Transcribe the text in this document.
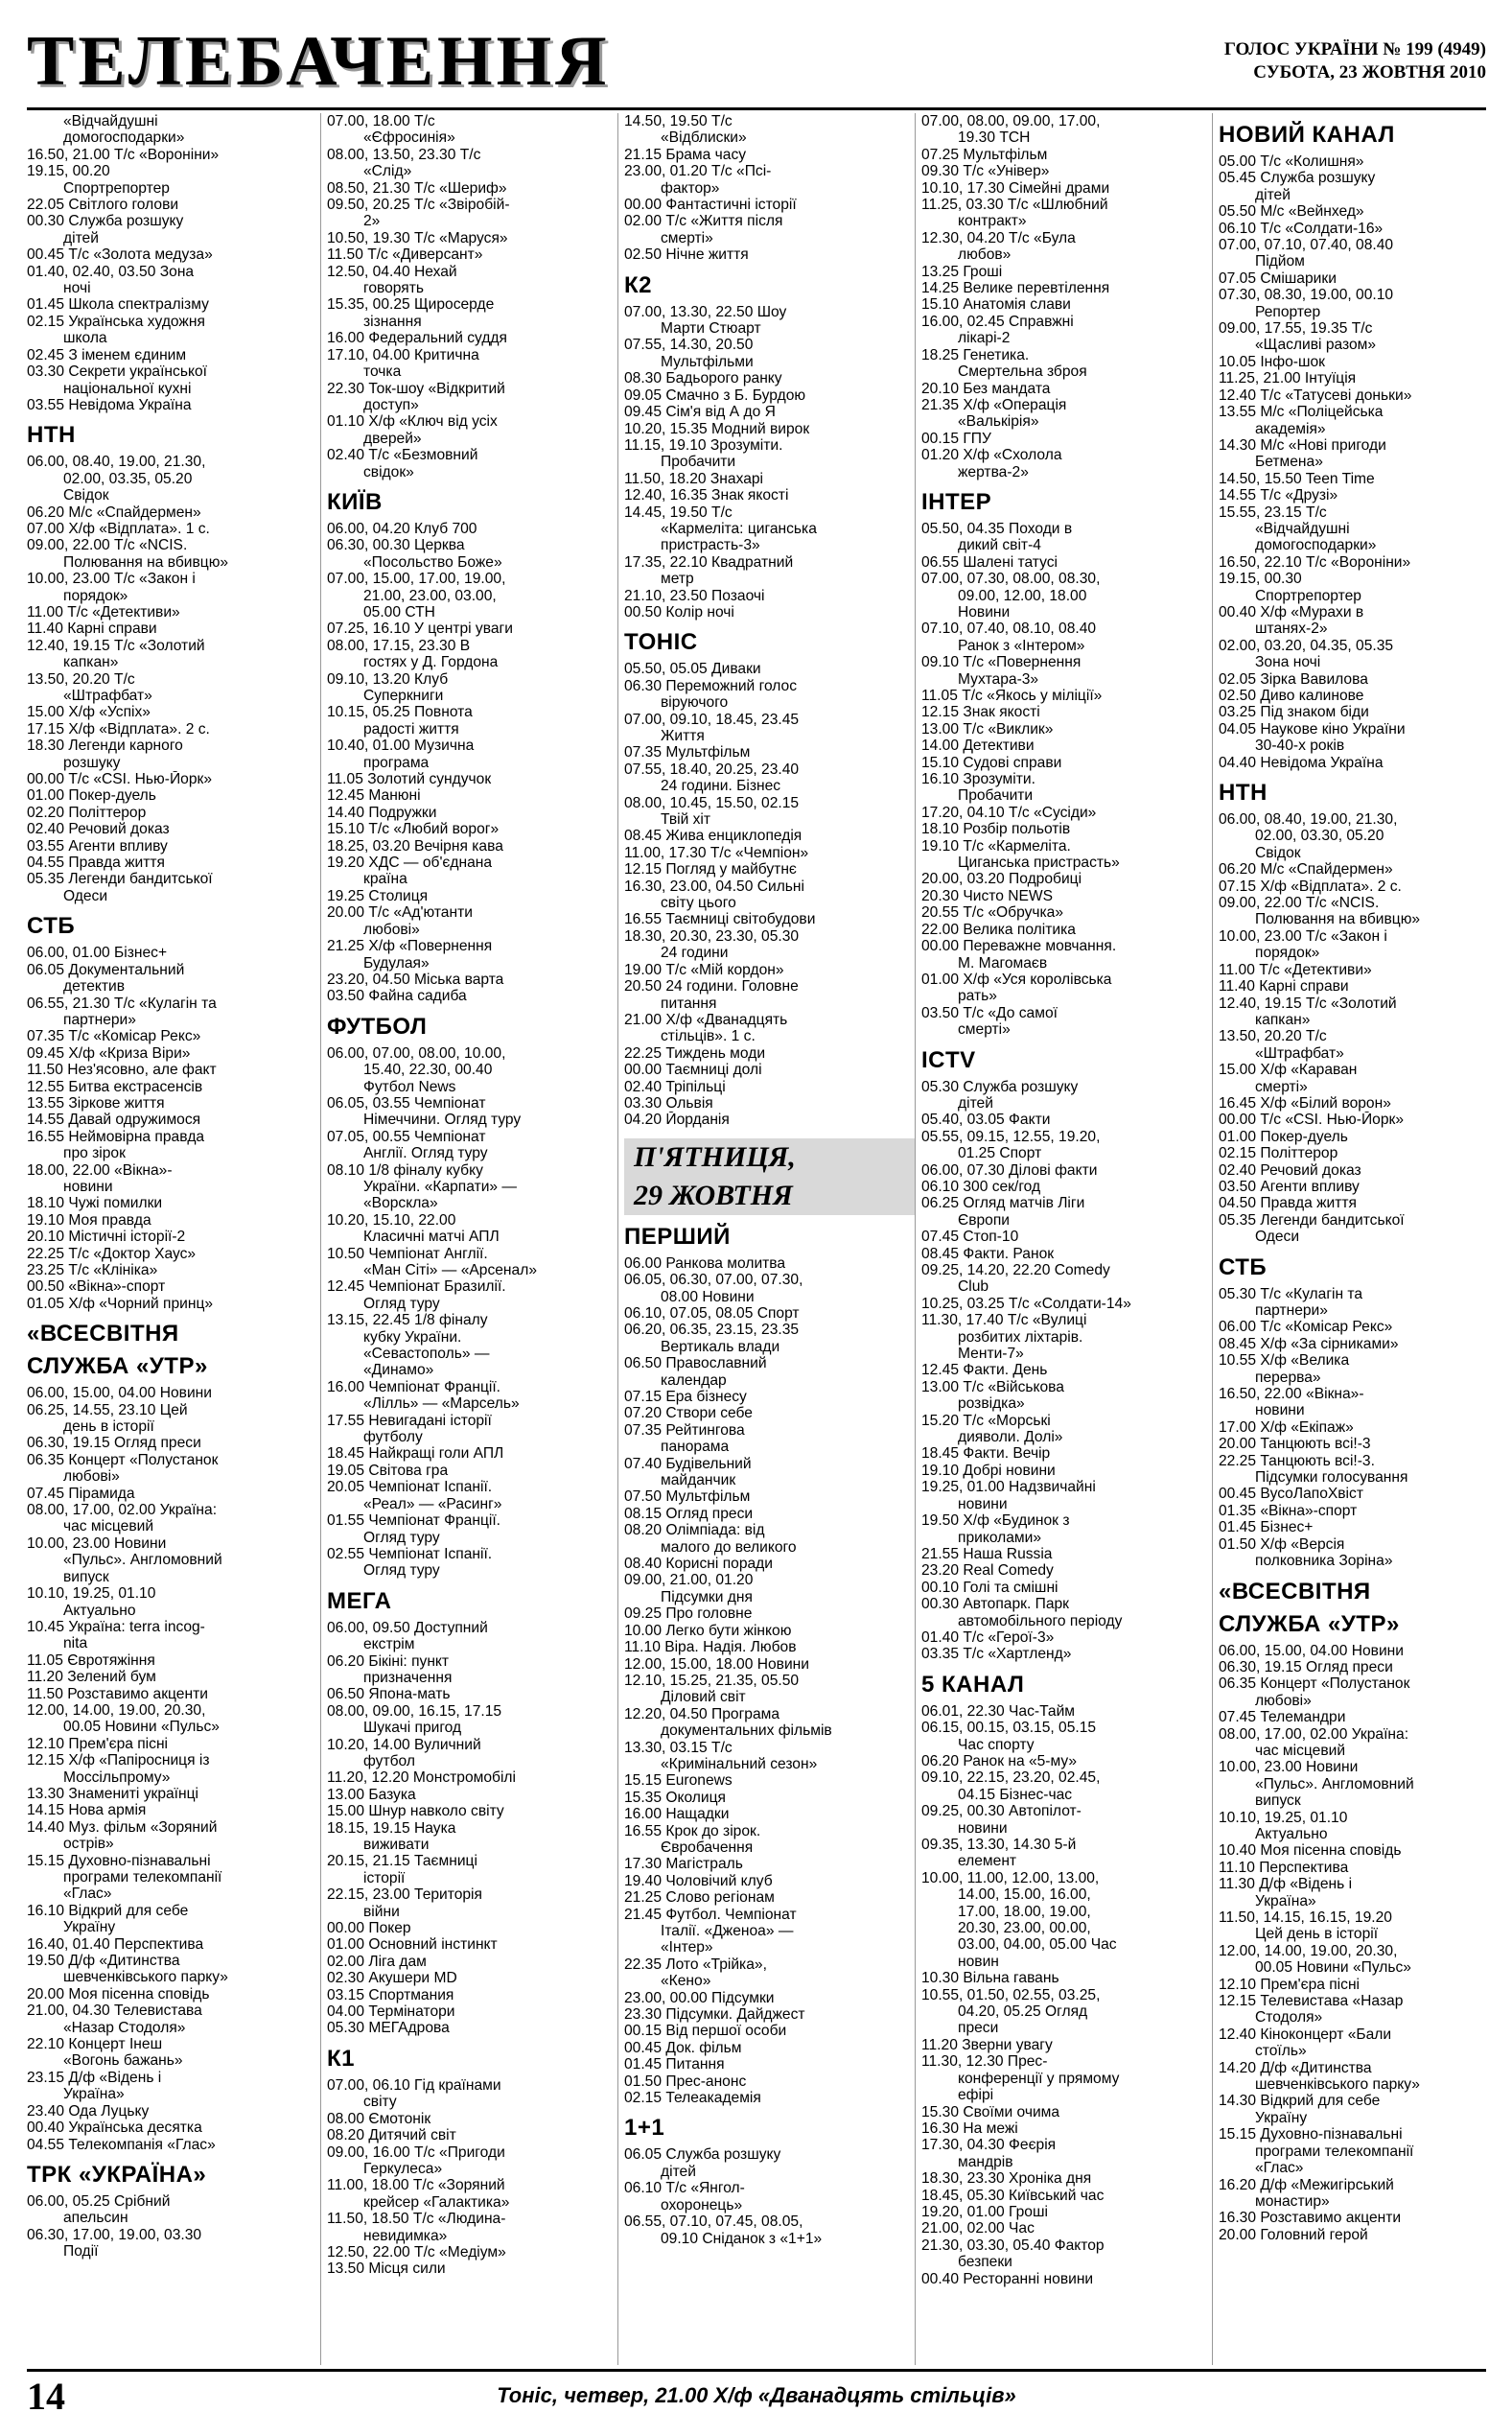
ТЕЛЕБАЧЕННЯ	ГОЛОС УКРАЇНИ № 199 (4949)
СУБОТА, 23 ЖОВТНЯ 2010
«Відчайдушні
домогосподарки»
16.50, 21.00 Т/с «Вороніни»
19.15, 00.20
Спортрепортер
22.05 Світлого голови
00.30 Служба розшуку
дітей
00.45 Т/с «Золота медуза»
01.40, 02.40, 03.50 Зона
ночі
01.45 Школа спектралізму
02.15 Українська художня
школа
02.45 З іменем єдиним
03.30 Секрети української
національної кухні
03.55 Невідома Україна
НТН
06.00, 08.40, 19.00, 21.30,
02.00, 03.35, 05.20
Свідок
06.20 М/с «Спайдермен»
07.00 Х/ф «Відплата». 1 с.
09.00, 22.00 Т/с «NCIS.
Полювання на вбивцю»
10.00, 23.00 Т/с «Закон і
порядок»
11.00 Т/с «Детективи»
11.40 Карні справи
12.40, 19.15 Т/с «Золотий
капкан»
13.50, 20.20 Т/с
«Штрафбат»
15.00 Х/ф «Успіх»
17.15 Х/ф «Відплата». 2 с.
18.30 Легенди карного
розшуку
00.00 Т/с «CSI. Нью-Йорк»
01.00 Покер-дуель
02.20 Політтерор
02.40 Речовий доказ
03.55 Агенти впливу
04.55 Правда життя
05.35 Легенди бандитської
Одеси
СТБ
06.00, 01.00 Бізнес+
06.05 Документальний
детектив
06.55, 21.30 Т/с «Кулагін та
партнери»
07.35 Т/с «Комісар Рекс»
09.45 Х/ф «Криза Віри»
11.50 Нез'ясовно, але факт
12.55 Битва екстрасенсів
13.55 Зіркове життя
14.55 Давай одружимося
16.55 Неймовірна правда
про зірок
18.00, 22.00 «Вікна»-
новини
18.10 Чужі помилки
19.10 Моя правда
20.10 Містичні історії-2
22.25 Т/с «Доктор Хаус»
23.25 Т/с «Клініка»
00.50 «Вікна»-спорт
01.05 Х/ф «Чорний принц»
«ВСЕСВІТНЯ
СЛУЖБА «УТР»
06.00, 15.00, 04.00 Новини
06.25, 14.55, 23.10 Цей
день в історії
06.30, 19.15 Огляд преси
06.35 Концерт «Полустанок
любові»
07.45 Пірамида
08.00, 17.00, 02.00 Україна:
час місцевий
10.00, 23.00 Новини
«Пульс». Англомовний
випуск
10.10, 19.25, 01.10
Актуально
10.45 Україна: terra incog-
nita
11.05 Євротяжіння
11.20 Зелений бум
11.50 Розставимо акценти
12.00, 14.00, 19.00, 20.30,
00.05 Новини «Пульс»
12.10 Прем'єра пісні
12.15 Х/ф «Папіросниця із
Моссільпрому»
13.30 Знамениті українці
14.15 Нова армія
14.40 Муз. фільм «Зоряний
острів»
15.15 Духовно-пізнавальні
програми телекомпанії
«Глас»
16.10 Відкрий для себе
Україну
16.40, 01.40 Перспектива
19.50 Д/ф «Дитинства
шевченківського парку»
20.00 Моя пісенна сповідь
21.00, 04.30 Телевистава
«Назар Стодоля»
22.10 Концерт Інеш
«Вогонь бажань»
23.15 Д/ф «Відень і
Україна»
23.40 Ода Луцьку
00.40 Українська десятка
04.55 Телекомпанія «Глас»
ТРК «УКРАЇНА»
06.00, 05.25 Срібний
апельсин
06.30, 17.00, 19.00, 03.30
Події
07.00, 18.00 Т/с
«Єфросинія»
08.00, 13.50, 23.30 Т/с
«Слід»
08.50, 21.30 Т/с «Шериф»
09.50, 20.25 Т/с «Звіробій-
2»
10.50, 19.30 Т/с «Маруся»
11.50 Т/с «Диверсант»
12.50, 04.40 Нехай
говорять
15.35, 00.25 Щиросерде
зізнання
16.00 Федеральний суддя
17.10, 04.00 Критична
точка
22.30 Ток-шоу «Відкритий
доступ»
01.10 Х/ф «Ключ від усіх
дверей»
02.40 Т/с «Безмовний
свідок»
КИЇВ
06.00, 04.20 Клуб 700
06.30, 00.30 Церква
«Посольство Боже»
07.00, 15.00, 17.00, 19.00,
21.00, 23.00, 03.00,
05.00 СТН
07.25, 16.10 У центрі уваги
08.00, 17.15, 23.30 В
гостях у Д. Гордона
09.10, 13.20 Клуб
Суперкниги
10.15, 05.25 Повнота
радості життя
10.40, 01.00 Музична
програма
11.05 Золотий сундучок
12.45 Манюні
14.40 Подружки
15.10 Т/с «Любий ворог»
18.25, 03.20 Вечірня кава
19.20 ХДС — об'єднана
країна
19.25 Столиця
20.00 Т/с «Ад'ютанти
любові»
21.25 Х/ф «Повернення
Будулая»
23.20, 04.50 Міська варта
03.50 Файна садиба
ФУТБОЛ
06.00, 07.00, 08.00, 10.00,
15.40, 22.30, 00.40
Футбол News
06.05, 03.55 Чемпіонат
Німеччини. Огляд туру
07.05, 00.55 Чемпіонат
Англії. Огляд туру
08.10 1/8 фіналу кубку
України. «Карпати» —
«Ворскла»
10.20, 15.10, 22.00
Класичні матчі АПЛ
10.50 Чемпіонат Англії.
«Ман Сіті» — «Арсенал»
12.45 Чемпіонат Бразилії.
Огляд туру
13.15, 22.45 1/8 фіналу
кубку України.
«Севастополь» —
«Динамо»
16.00 Чемпіонат Франції.
«Лілль» — «Марсель»
17.55 Невигадані історії
футболу
18.45 Найкращі голи АПЛ
19.05 Світова гра
20.05 Чемпіонат Іспанії.
«Реал» — «Расинг»
01.55 Чемпіонат Франції.
Огляд туру
02.55 Чемпіонат Іспанії.
Огляд туру
МЕГА
06.00, 09.50 Доступний
екстрім
06.20 Бікіні: пункт
призначення
06.50 Япона-мать
08.00, 09.00, 16.15, 17.15
Шукачі пригод
10.20, 14.00 Вуличний
футбол
11.20, 12.20 Монстромобілі
13.00 Базука
15.00 Шнур навколо світу
18.15, 19.15 Наука
виживати
20.15, 21.15 Таємниці
історії
22.15, 23.00 Територія
війни
00.00 Покер
01.00 Основний інстинкт
02.00 Ліга дам
02.30 Акушери MD
03.15 Спортмания
04.00 Термінатори
05.30 МЕГАдрова
К1
07.00, 06.10 Гід країнами
світу
08.00 Ємотонік
08.20 Дитячий світ
09.00, 16.00 Т/с «Пригоди
Геркулеса»
11.00, 18.00 Т/с «Зоряний
крейсер «Галактика»
11.50, 18.50 Т/с «Людина-
невидимка»
12.50, 22.00 Т/с «Медіум»
13.50 Місця сили
14.50, 19.50 Т/с
«Відблиски»
21.15 Брама часу
23.00, 01.20 Т/с «Псі-
фактор»
00.00 Фантастичні історії
02.00 Т/с «Життя після
смерті»
02.50 Нічне життя
К2
07.00, 13.30, 22.50 Шоу
Марти Стюарт
07.55, 14.30, 20.50
Мультфільми
08.30 Бадьорого ранку
09.05 Смачно з Б. Бурдою
09.45 Сім'я від А до Я
10.20, 15.35 Модний вирок
11.15, 19.10 Зрозуміти.
Пробачити
11.50, 18.20 Знахарі
12.40, 16.35 Знак якості
14.45, 19.50 Т/с
«Кармеліта: циганська
пристрасть-3»
17.35, 22.10 Квадратний
метр
21.10, 23.50 Позаочі
00.50 Колір ночі
ТОНІС
05.50, 05.05 Диваки
06.30 Переможний голос
віруючого
07.00, 09.10, 18.45, 23.45
Життя
07.35 Мультфільм
07.55, 18.40, 20.25, 23.40
24 години. Бізнес
08.00, 10.45, 15.50, 02.15
Твій хіт
08.45 Жива енциклопедія
11.00, 17.30 Т/с «Чемпіон»
12.15 Погляд у майбутнє
16.30, 23.00, 04.50 Сильні
світу цього
16.55 Таємниці світобудови
18.30, 20.30, 23.30, 05.30
24 години
19.00 Т/с «Мій кордон»
20.50 24 години. Головне
питання
21.00 Х/ф «Дванадцять
стільців». 1 с.
22.25 Тиждень моди
00.00 Таємниці долі
02.40 Тріпільці
03.30 Ольвія
04.20 Йорданія
П'ЯТНИЦЯ,
29 ЖОВТНЯ
ПЕРШИЙ
06.00 Ранкова молитва
06.05, 06.30, 07.00, 07.30,
08.00 Новини
06.10, 07.05, 08.05 Спорт
06.20, 06.35, 23.15, 23.35
Вертикаль влади
06.50 Православний
календар
07.15 Ера бізнесу
07.20 Створи себе
07.35 Рейтингова
панорама
07.40 Будівельний
майданчик
07.50 Мультфільм
08.15 Огляд преси
08.20 Олімпіада: від
малого до великого
08.40 Корисні поради
09.00, 21.00, 01.20
Підсумки дня
09.25 Про головне
10.00 Легко бути жінкою
11.10 Віра. Надія. Любов
12.00, 15.00, 18.00 Новини
12.10, 15.25, 21.35, 05.50
Діловий світ
12.20, 04.50 Програма
документальних фільмів
13.30, 03.15 Т/с
«Кримінальний сезон»
15.15 Euronews
15.35 Околиця
16.00 Нащадки
16.55 Крок до зірок.
Євробачення
17.30 Магістраль
19.40 Чоловічий клуб
21.25 Слово регіонам
21.45 Футбол. Чемпіонат
Італії. «Дженоа» —
«Інтер»
22.35 Лото «Трійка»,
«Кено»
23.00, 00.00 Підсумки
23.30 Підсумки. Дайджест
00.15 Від першої особи
00.45 Док. фільм
01.45 Питання
01.50 Прес-анонс
02.15 Телеакадемія
1+1
06.05 Служба розшуку
дітей
06.10 Т/с «Янгол-
охоронець»
06.55, 07.10, 07.45, 08.05,
09.10 Сніданок з «1+1»
07.00, 08.00, 09.00, 17.00,
19.30 ТСН
07.25 Мультфільм
09.30 Т/с «Універ»
10.10, 17.30 Сімейні драми
11.25, 03.30 Т/с «Шлюбний
контракт»
12.30, 04.20 Т/с «Була
любов»
13.25 Гроші
14.25 Велике перевтілення
15.10 Анатомія слави
16.00, 02.45 Справжні
лікарі-2
18.25 Генетика.
Смертельна зброя
20.10 Без мандата
21.35 Х/ф «Операція
«Валькірія»
00.15 ГПУ
01.20 Х/ф «Схолола
жертва-2»
ІНТЕР
05.50, 04.35 Походи в
дикий світ-4
06.55 Шалені татусі
07.00, 07.30, 08.00, 08.30,
09.00, 12.00, 18.00
Новини
07.10, 07.40, 08.10, 08.40
Ранок з «Інтером»
09.10 Т/с «Повернення
Мухтара-3»
11.05 Т/с «Якось у міліції»
12.15 Знак якості
13.00 Т/с «Виклик»
14.00 Детективи
15.10 Судові справи
16.10 Зрозуміти.
Пробачити
17.20, 04.10 Т/с «Сусіди»
18.10 Розбір польотів
19.10 Т/с «Кармеліта.
Циганська пристрасть»
20.00, 03.20 Подробиці
20.30 Чисто NEWS
20.55 Т/с «Обручка»
22.00 Велика політика
00.00 Переважне мовчання.
М. Магомаєв
01.00 Х/ф «Уся королівська
рать»
03.50 Т/с «До самої
смерті»
ICTV
05.30 Служба розшуку
дітей
05.40, 03.05 Факти
05.55, 09.15, 12.55, 19.20,
01.25 Спорт
06.00, 07.30 Ділові факти
06.10 300 сек/год
06.25 Огляд матчів Ліги
Європи
07.45 Стоп-10
08.45 Факти. Ранок
09.25, 14.20, 22.20 Comedy
Club
10.25, 03.25 Т/с «Солдати-14»
11.30, 17.40 Т/с «Вулиці
розбитих ліхтарів.
Менти-7»
12.45 Факти. День
13.00 Т/с «Військова
розвідка»
15.20 Т/с «Морські
дияволи. Долі»
18.45 Факти. Вечір
19.10 Добрі новини
19.25, 01.00 Надзвичайні
новини
19.50 Х/ф «Будинок з
приколами»
21.55 Наша Russia
23.20 Real Comedy
00.10 Голі та смішні
00.30 Автопарк. Парк
автомобільного періоду
01.40 Т/с «Герої-3»
03.35 Т/с «Хартленд»
5 КАНАЛ
06.01, 22.30 Час-Тайм
06.15, 00.15, 03.15, 05.15
Час спорту
06.20 Ранок на «5-му»
09.10, 22.15, 23.20, 02.45,
04.15 Бізнес-час
09.25, 00.30 Автопілот-
новини
09.35, 13.30, 14.30 5-й
елемент
10.00, 11.00, 12.00, 13.00,
14.00, 15.00, 16.00,
17.00, 18.00, 19.00,
20.30, 23.00, 00.00,
03.00, 04.00, 05.00 Час
новин
10.30 Вільна гавань
10.55, 01.50, 02.55, 03.25,
04.20, 05.25 Огляд
преси
11.20 Зверни увагу
11.30, 12.30 Прес-
конференції у прямому
ефірі
15.30 Своїми очима
16.30 На межі
17.30, 04.30 Феєрія
мандрів
18.30, 23.30 Хроніка дня
18.45, 05.30 Київський час
19.20, 01.00 Гроші
21.00, 02.00 Час
21.30, 03.30, 05.40 Фактор
безпеки
00.40 Ресторанні новини
НОВИЙ КАНАЛ
05.00 Т/с «Колишня»
05.45 Служба розшуку
дітей
05.50 М/с «Вейнхед»
06.10 Т/с «Солдати-16»
07.00, 07.10, 07.40, 08.40
Підйом
07.05 Смішарики
07.30, 08.30, 19.00, 00.10
Репортер
09.00, 17.55, 19.35 Т/с
«Щасливі разом»
10.05 Інфо-шок
11.25, 21.00 Інтуїція
12.40 Т/с «Татусеві доньки»
13.55 М/с «Поліцейська
академія»
14.30 М/с «Нові пригоди
Бетмена»
14.50, 15.50 Teen Time
14.55 Т/с «Друзі»
15.55, 23.15 Т/с
«Відчайдушні
домогосподарки»
16.50, 22.10 Т/с «Вороніни»
19.15, 00.30
Спортрепортер
00.40 Х/ф «Мурахи в
штанях-2»
02.00, 03.20, 04.35, 05.35
Зона ночі
02.05 Зірка Вавилова
02.50 Диво калинове
03.25 Під знаком біди
04.05 Наукове кіно України
30-40-х років
04.40 Невідома Україна
НТН
06.00, 08.40, 19.00, 21.30,
02.00, 03.30, 05.20
Свідок
06.20 М/с «Спайдермен»
07.15 Х/ф «Відплата». 2 с.
09.00, 22.00 Т/с «NCIS.
Полювання на вбивцю»
10.00, 23.00 Т/с «Закон і
порядок»
11.00 Т/с «Детективи»
11.40 Карні справи
12.40, 19.15 Т/с «Золотий
капкан»
13.50, 20.20 Т/с
«Штрафбат»
15.00 Х/ф «Караван
смерті»
16.45 Х/ф «Білий ворон»
00.00 Т/с «CSI. Нью-Йорк»
01.00 Покер-дуель
02.15 Політтерор
02.40 Речовий доказ
03.50 Агенти впливу
04.50 Правда життя
05.35 Легенди бандитської
Одеси
СТБ
05.30 Т/с «Кулагін та
партнери»
06.00 Т/с «Комісар Рекс»
08.45 Х/ф «За сірниками»
10.55 Х/ф «Велика
перерва»
16.50, 22.00 «Вікна»-
новини
17.00 Х/ф «Екіпаж»
20.00 Танцюють всі!-3
22.25 Танцюють всі!-3.
Підсумки голосування
00.45 ВусоЛапоХвіст
01.35 «Вікна»-спорт
01.45 Бізнес+
01.50 Х/ф «Версія
полковника Зоріна»
«ВСЕСВІТНЯ
СЛУЖБА «УТР»
06.00, 15.00, 04.00 Новини
06.30, 19.15 Огляд преси
06.35 Концерт «Полустанок
любові»
07.45 Телемандри
08.00, 17.00, 02.00 Україна:
час місцевий
10.00, 23.00 Новини
«Пульс». Англомовний
випуск
10.10, 19.25, 01.10
Актуально
10.40 Моя пісенна сповідь
11.10 Перспектива
11.30 Д/ф «Відень і
Україна»
11.50, 14.15, 16.15, 19.20
Цей день в історії
12.00, 14.00, 19.00, 20.30,
00.05 Новини «Пульс»
12.10 Прем'єра пісні
12.15 Телевистава «Назар
Стодоля»
12.40 Кіноконцерт «Бали
стоїль»
14.20 Д/ф «Дитинства
шевченківського парку»
14.30 Відкрий для себе
Україну
15.15 Духовно-пізнавальні
програми телекомпанії
«Глас»
16.20 Д/ф «Межигірський
монастир»
16.30 Розставимо акценти
20.00 Головний герой
14	Тоніс, четвер, 21.00 Х/ф «Дванадцять стільців»
